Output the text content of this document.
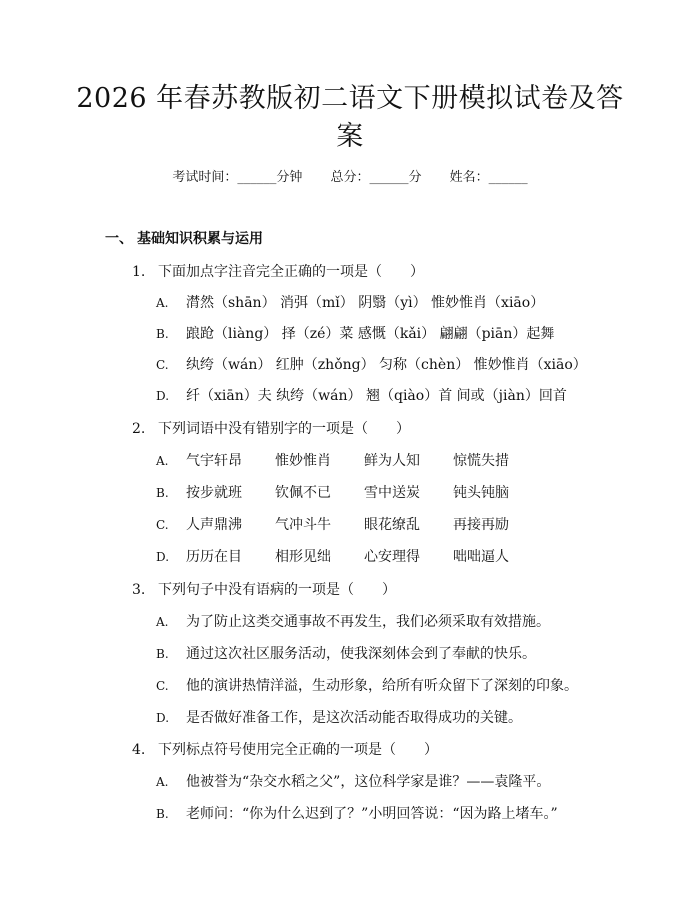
2026 年春苏教版初二语文下册模拟试卷及答
案
考试时间：______分钟 总分：______分 姓名：______
一、 基础知识积累与运用
1. 下面加点字注音完全正确的一项是（　　）
A. 潸然（shān） 消弭（mǐ） 阴翳（yì） 惟妙惟肖（xiāo）
B. 踉跄（liàng） 择（zé）菜 感慨（kǎi） 翩翩（piān）起舞
C. 纨绔（wán） 红肿（zhǒng） 匀称（chèn） 惟妙惟肖（xiāo）
D. 纤（xiān）夫 纨绔（wán） 翘（qiào）首 间或（jiàn）回首
2. 下列词语中没有错别字的一项是（　　）
A. 气宇轩昂 惟妙惟肖 鲜为人知 惊慌失措
B. 按步就班 钦佩不已 雪中送炭 钝头钝脑
C. 人声鼎沸 气冲斗牛 眼花缭乱 再接再励
D. 历历在目 相形见绌 心安理得 咄咄逼人
3. 下列句子中没有语病的一项是（　　）
A. 为了防止这类交通事故不再发生，我们必须采取有效措施。
B. 通过这次社区服务活动，使我深刻体会到了奉献的快乐。
C. 他的演讲热情洋溢，生动形象，给所有听众留下了深刻的印象。
D. 是否做好准备工作，是这次活动能否取得成功的关键。
4. 下列标点符号使用完全正确的一项是（　　）
A. 他被誉为“杂交水稻之父”，这位科学家是谁？——袁隆平。
B. 老师问：“你为什么迟到了？”小明回答说：“因为路上堵车。”
